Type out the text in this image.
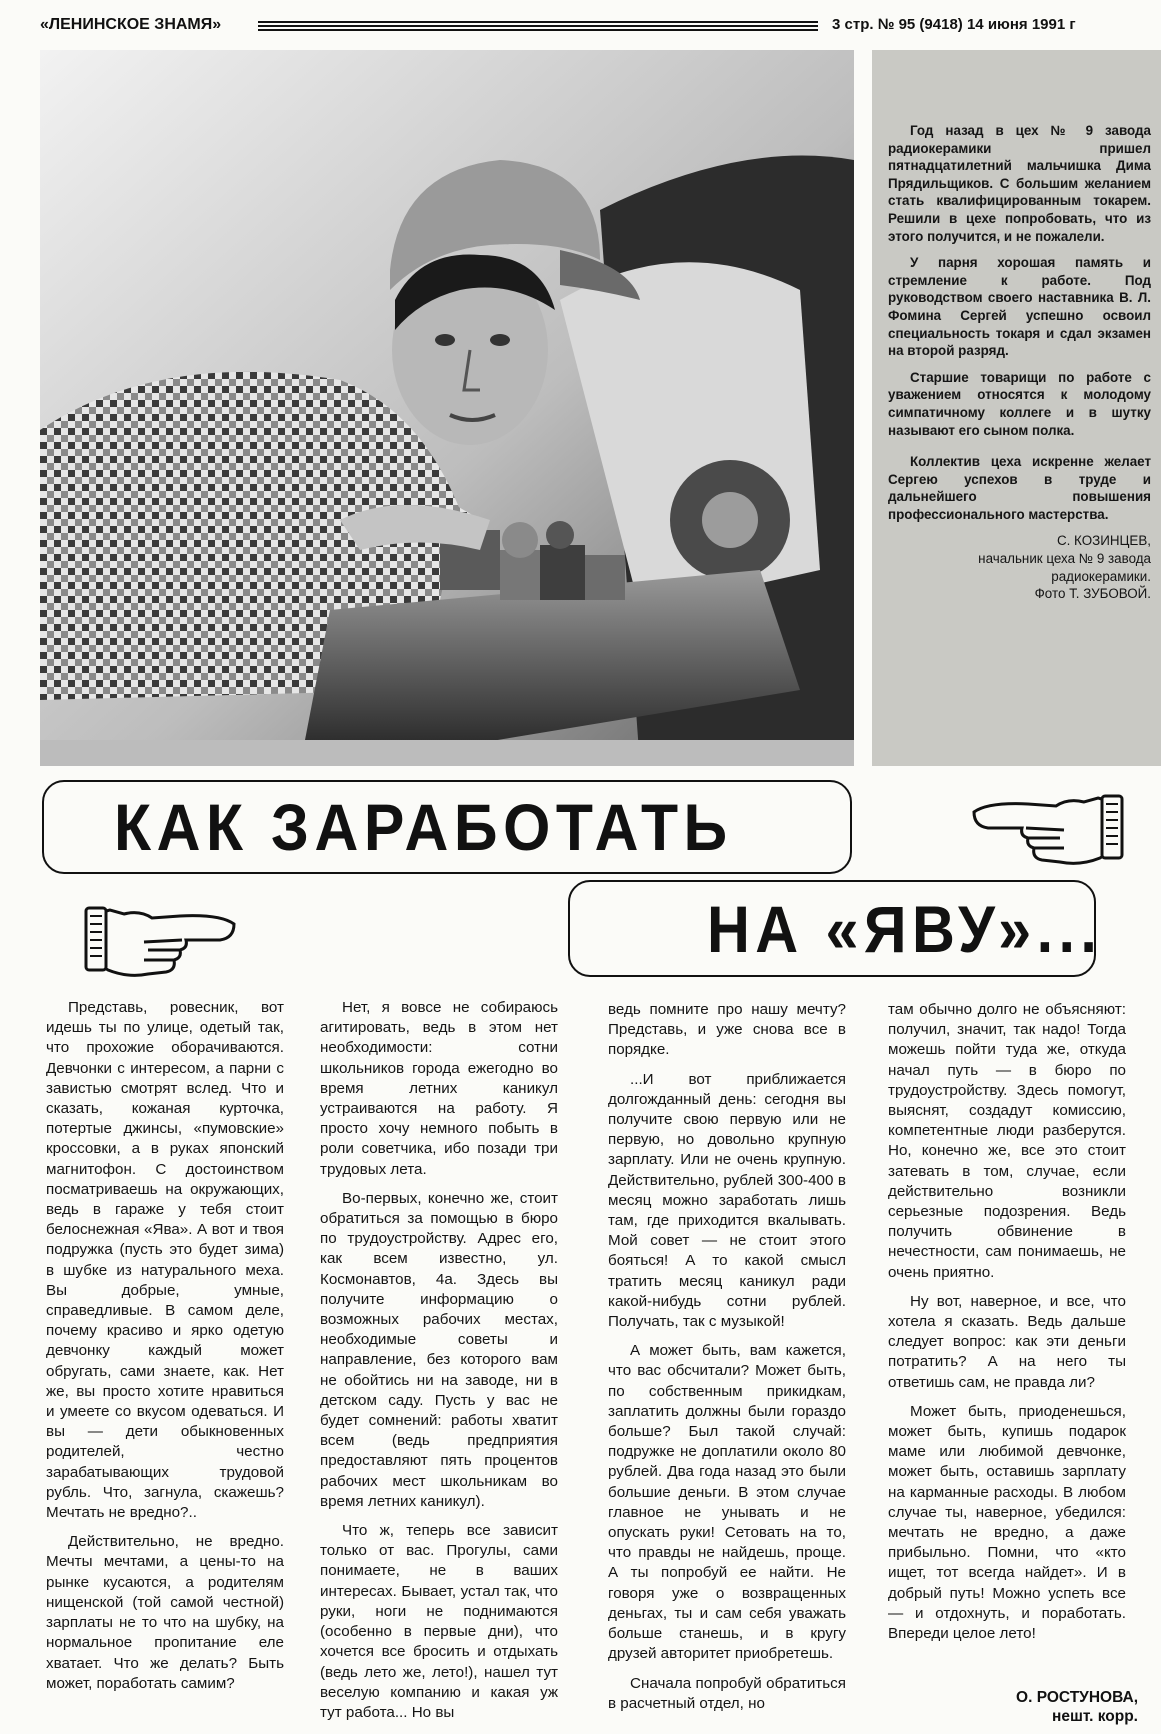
«ЛЕНИНСКОЕ ЗНАМЯ»	3 стр. № 95 (9418) 14 июня 1991 г

Год назад в цех № 9 завода радиокерамики пришел пятнадцатилетний мальчишка Дима Прядильщиков. С большим желанием стать квалифицированным токарем. Решили в цехе попробовать, что из этого получится, и не пожалели.

У парня хорошая память и стремление к работе. Под руководством своего наставника В. Л. Фомина Сергей успешно освоил специальность токаря и сдал экзамен на второй разряд.

Старшие товарищи по работе с уважением относятся к молодому симпатичному коллеге и в шутку называют его сыном полка.

Коллектив цеха искренне желает Сергею успехов в труде и дальнейшего повышения профессионального мастерства.

С. КОЗИНЦЕВ,

начальник цеха № 9 завода радиокерамики.

Фото Т. ЗУБОВОЙ.

КАК ЗАРАБОТАТЬ
НА «ЯВУ»...

Представь, ровесник, вот идешь ты по улице, одетый так, что прохожие оборачиваются. Девчонки с интересом, а парни с завистью смотрят вслед. Что и сказать, кожаная курточка, потертые джинсы, «пумовские» кроссовки, а в руках японский магнитофон. С достоинством посматриваешь на окружающих, ведь в гараже у тебя стоит белоснежная «Ява». А вот и твоя подружка (пусть это будет зима) в шубке из натурального меха. Вы добрые, умные, справедливые. В самом деле, почему красиво и ярко одетую девчонку каждый может обругать, сами знаете, как. Нет же, вы просто хотите нравиться и умеете со вкусом одеваться. И вы — дети обыкновенных родителей, честно зарабатывающих трудовой рубль. Что, загнула, скажешь? Мечтать не вредно?..

Действительно, не вредно. Мечты мечтами, а цены-то на рынке кусаются, а родителям нищенской (той самой честной) зарплаты не то что на шубку, на нормальное пропитание еле хватает. Что же делать? Быть может, поработать самим?

Нет, я вовсе не собираюсь агитировать, ведь в этом нет необходимости: сотни школьников города ежегодно во время летних каникул устраиваются на работу. Я просто хочу немного побыть в роли советчика, ибо позади три трудовых лета.

Во-первых, конечно же, стоит обратиться за помощью в бюро по трудоустройству. Адрес его, как всем известно, ул. Космонавтов, 4а. Здесь вы получите информацию о возможных рабочих местах, необходимые советы и направление, без которого вам не обойтись ни на заводе, ни в детском саду. Пусть у вас не будет сомнений: работы хватит всем (ведь предприятия предоставляют пять процентов рабочих мест школьникам во время летних каникул).

Что ж, теперь все зависит только от вас. Прогулы, сами понимаете, не в ваших интересах. Бывает, устал так, что руки, ноги не поднимаются (особенно в первые дни), что хочется все бросить и отдыхать (ведь лето же, лето!), нашел тут веселую компанию и какая уж тут работа... Но вы

ведь помните про нашу мечту? Представь, и уже снова все в порядке.

...И вот приближается долгожданный день: сегодня вы получите свою первую или не первую, но довольно крупную зарплату. Или не очень крупную. Действительно, рублей 300-400 в месяц можно заработать лишь там, где приходится вкалывать. Мой совет — не стоит этого бояться! А то какой смысл тратить месяц каникул ради какой-нибудь сотни рублей. Получать, так с музыкой!

А может быть, вам кажется, что вас обсчитали? Может быть, по собственным прикидкам, заплатить должны были гораздо больше? Был такой случай: подружке не доплатили около 80 рублей. Два года назад это были большие деньги. В этом случае главное не унывать и не опускать руки! Сетовать на то, что правды не найдешь, проще. А ты попробуй ее найти. Не говоря уже о возвращенных деньгах, ты и сам себя уважать больше станешь, и в кругу друзей авторитет приобретешь.

Сначала попробуй обратиться в расчетный отдел, но

там обычно долго не объясняют: получил, значит, так надо! Тогда можешь пойти туда же, откуда начал путь — в бюро по трудоустройству. Здесь помогут, выяснят, создадут комиссию, компетентные люди разберутся. Но, конечно же, все это стоит затевать в том, случае, если действительно возникли серьезные подозрения. Ведь получить обвинение в нечестности, сам понимаешь, не очень приятно.

Ну вот, наверное, и все, что хотела я сказать. Ведь дальше следует вопрос: как эти деньги потратить? А на него ты ответишь сам, не правда ли?

Может быть, приоденешься, может быть, купишь подарок маме или любимой девчонке, может быть, оставишь зарплату на карманные расходы. В любом случае ты, наверное, убедился: мечтать не вредно, а даже прибыльно. Помни, что «кто ищет, тот всегда найдет». И в добрый путь! Можно успеть все — и отдохнуть, и поработать. Впереди целое лето!

О. РОСТУНОВА,
нешт. корр.
